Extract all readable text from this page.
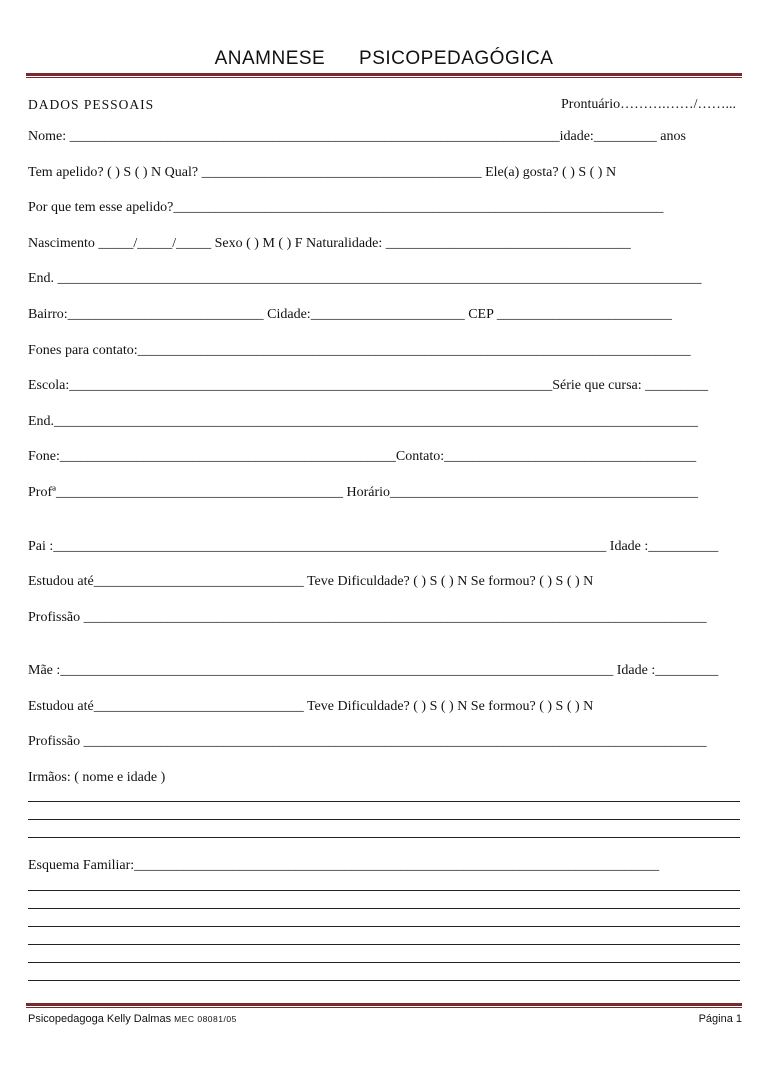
ANAMNESE PSICOPEDAGÓGICA
DADOS PESSOAIS	Prontuário……….……/……...
Nome: ______________________________________________________________________idade:_________ anos
Tem apelido? ( ) S ( ) N Qual? ________________________________________ Ele(a) gosta? ( ) S ( ) N
Por que tem esse apelido?______________________________________________________________________
Nascimento _____/_____/_____ Sexo ( ) M ( ) F Naturalidade: ___________________________________
End. ____________________________________________________________________________________________
Bairro:____________________________ Cidade:______________________ CEP _________________________
Fones para contato:_______________________________________________________________________________
Escola:_____________________________________________________________________Série que cursa: _________
End.____________________________________________________________________________________________
Fone:________________________________________________Contato:____________________________________
Profª_________________________________________ Horário____________________________________________
Pai :_______________________________________________________________________________ Idade :__________
Estudou até______________________________ Teve Dificuldade? ( ) S ( ) N Se formou? ( ) S ( ) N
Profissão _________________________________________________________________________________________
Mãe :_______________________________________________________________________________ Idade :_________
Estudou até______________________________ Teve Dificuldade? ( ) S ( ) N Se formou? ( ) S ( ) N
Profissão _________________________________________________________________________________________
Irmãos: ( nome e idade )
Esquema Familiar:___________________________________________________________________________
Psicopedagoga Kelly Dalmas MEC 08081/05	Página 1
